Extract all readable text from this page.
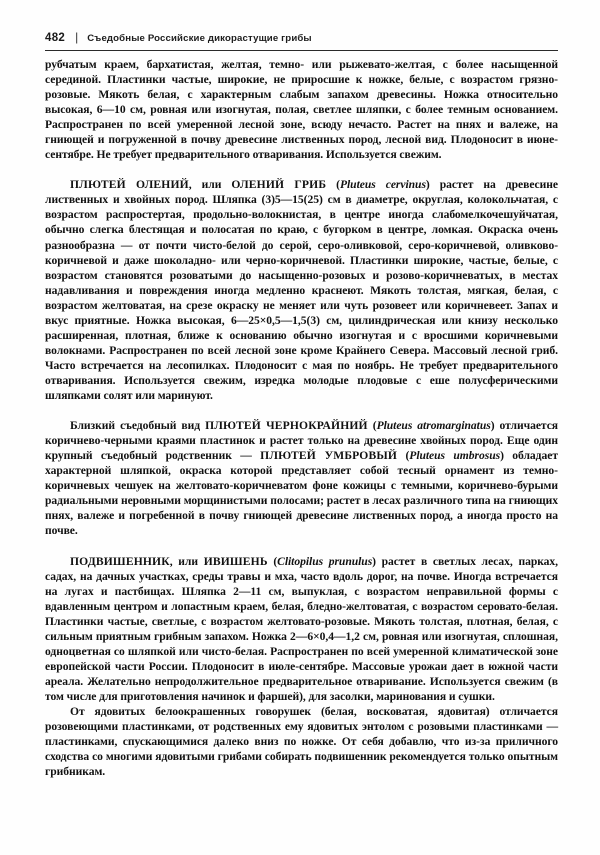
482 | Съедобные Российские дикорастущие грибы

рубчатым краем, бархатистая, желтая, темно- или рыжевато-желтая, с более насыщенной серединой. Пластинки частые, широкие, не приросшие к ножке, белые, с возрастом грязно-розовые. Мякоть белая, с характерным слабым запахом древесины. Ножка относительно высокая, 6—10 см, ровная или изогнутая, полая, светлее шляпки, с более темным основанием. Распространен по всей умеренной лесной зоне, всюду нечасто. Растет на пнях и валеже, на гниющей и погруженной в почву древесине лиственных пород, лесной вид. Плодоносит в июне-сентябре. Не требует предварительного отваривания. Используется свежим.

ПЛЮТЕЙ ОЛЕНИЙ, или ОЛЕНИЙ ГРИБ (Pluteus cervinus) растет на древесине лиственных и хвойных пород. Шляпка (3)5—15(25) см в диаметре, округлая, колокольчатая, с возрастом распростертая, продольно-волокнистая, в центре иногда слабомелкочешуйчатая, обычно слегка блестящая и полосатая по краю, с бугорком в центре, ломкая. Окраска очень разнообразна — от почти чисто-белой до серой, серо-оливковой, серо-коричневой, оливково-коричневой и даже шоколадно- или черно-коричневой. Пластинки широкие, частые, белые, с возрастом становятся розоватыми до насыщенно-розовых и розово-коричневатых, в местах надавливания и повреждения иногда медленно краснеют. Мякоть толстая, мягкая, белая, с возрастом желтоватая, на срезе окраску не меняет или чуть розовеет или коричневеет. Запах и вкус приятные. Ножка высокая, 6—25×0,5—1,5(3) см, цилиндрическая или книзу несколько расширенная, плотная, ближе к основанию обычно изогнутая и с вросшими коричневыми волокнами. Распространен по всей лесной зоне кроме Крайнего Севера. Массовый лесной гриб. Часто встречается на лесопилках. Плодоносит с мая по ноябрь. Не требует предварительного отваривания. Используется свежим, изредка молодые плодовые с еше полусферическими шляпками солят или маринуют.

Близкий съедобный вид ПЛЮТЕЙ ЧЕРНОКРАЙНИЙ (Pluteus atromarginatus) отличается коричнево-черными краями пластинок и растет только на древесине хвойных пород. Еще один крупный съедобный родственник — ПЛЮТЕЙ УМБРОВЫЙ (Pluteus umbrosus) обладает характерной шляпкой, окраска которой представляет собой тесный орнамент из темно-коричневых чешуек на желтовато-коричневатом фоне кожицы с темными, коричнево-бурыми радиальными неровными морщинистыми полосами; растет в лесах различного типа на гниющих пнях, валеже и погребенной в почву гниющей древесине лиственных пород, а иногда просто на почве.

ПОДВИШЕННИК, или ИВИШЕНЬ (Clitopilus prunulus) растет в светлых лесах, парках, садах, на дачных участках, среды травы и мха, часто вдоль дорог, на почве. Иногда встречается на лугах и пастбищах. Шляпка 2—11 см, выпуклая, с возрастом неправильной формы с вдавленным центром и лопастным краем, белая, бледно-желтоватая, с возрастом серовато-белая. Пластинки частые, светлые, с возрастом желтовато-розовые. Мякоть толстая, плотная, белая, с сильным приятным грибным запахом. Ножка 2—6×0,4—1,2 см, ровная или изогнутая, сплошная, одноцветная со шляпкой или чисто-белая. Распространен по всей умеренной климатической зоне европейской части России. Плодоносит в июле-сентябре. Массовые урожаи дает в южной части ареала. Желательно непродолжительное предварительное отваривание. Используется свежим (в том числе для приготовления начинок и фаршей), для засолки, маринования и сушки.

От ядовитых белоокрашенных говорушек (белая, восковатая, ядовитая) отличается розовеющими пластинками, от родственных ему ядовитых энтолом с розовыми пластинками — пластинками, спускающимися далеко вниз по ножке. От себя добавлю, что из-за приличного сходства со многими ядовитыми грибами собирать подвишенник рекомендуется только опытным грибникам.
